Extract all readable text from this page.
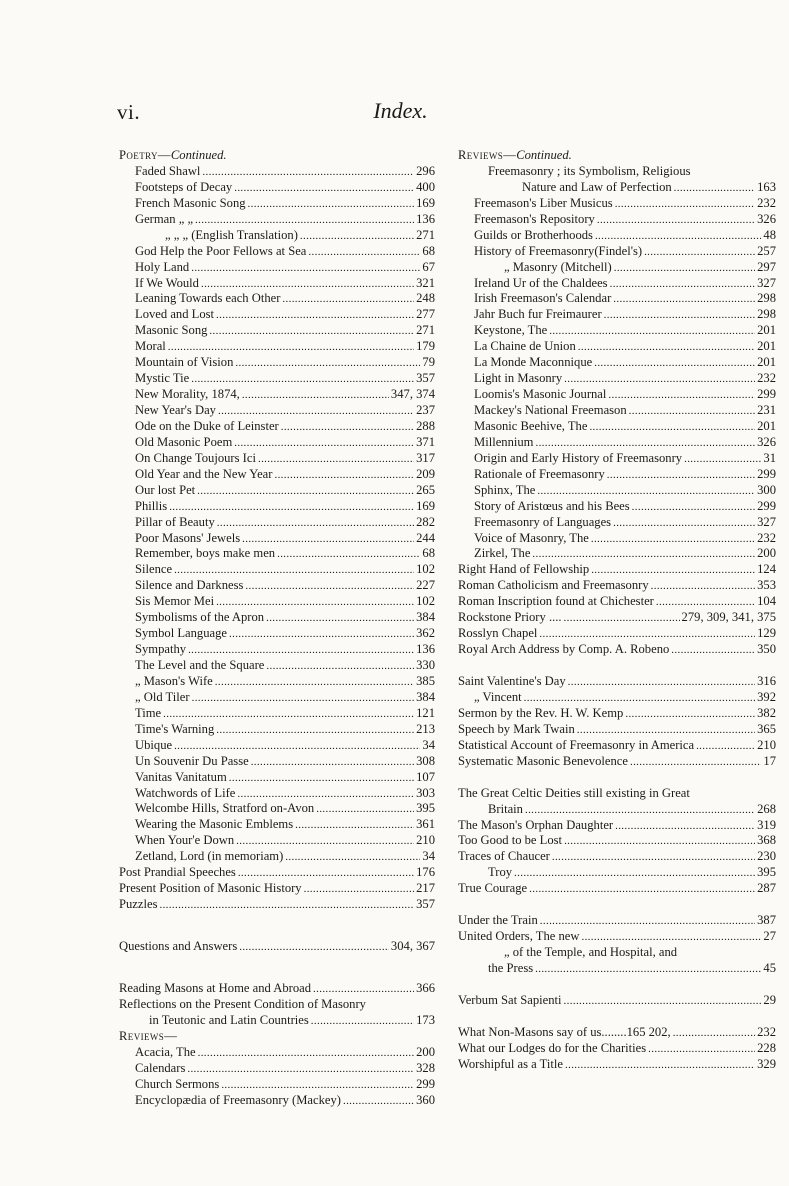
vi.	Index.
Poetry—Continued.
Faded Shawl . . .	296
Footsteps of Decay . . .	400
French Masonic Song . . .	169
German „ „ . . .	136
„ „ „ (English Translation) . . .	271
God Help the Poor Fellows at Sea . . .	68
Holy Land . . .	67
If We Would . . .	321
Leaning Towards each Other . . .	248
Loved and Lost . . .	277
Masonic Song . . .	271
Moral . . .	179
Mountain of Vision . . .	79
Mystic Tie . . .	357
New Morality, 1874, . . .	347, 374
New Year's Day . . .	237
Ode on the Duke of Leinster . . .	288
Old Masonic Poem . . .	371
On Change Toujours Ici . . .	317
Old Year and the New Year . . .	209
Our lost Pet . . .	265
Phillis . . .	169
Pillar of Beauty . . .	282
Poor Masons' Jewels . . .	244
Remember, boys make men . . .	68
Silence . . .	102
Silence and Darkness . . .	227
Sis Memor Mei . . .	102
Symbolisms of the Apron . . .	384
Symbol Language . . .	362
Sympathy . . .	136
The Level and the Square . . .	330
„ Mason's Wife . . .	385
„ Old Tiler . . .	384
Time . . .	121
Time's Warning . . .	213
Ubique . . .	34
Un Souvenir Du Passe . . .	308
Vanitas Vanitatum . . .	107
Watchwords of Life . . .	303
Welcombe Hills, Stratford on-Avon . . .	395
Wearing the Masonic Emblems . . .	361
When Your'e Down . . .	210
Zetland, Lord (in memoriam) . . .	34
Post Prandial Speeches . . .	176
Present Position of Masonic History . . .	217
Puzzles . . .	357
Questions and Answers . . .	304, 367
Reading Masons at Home and Abroad . . .	366
Reflections on the Present Condition of Masonry
in Teutonic and Latin Countries . . .	173
Reviews—
Acacia, The . . .	200
Calendars . . .	328
Church Sermons . . .	299
Encyclopædia of Freemasonry (Mackey) . . .	360
Reviews—Continued.
Freemasonry ; its Symbolism, Religious
Nature and Law of Perfection . . .	163
Freemason's Liber Musicus . . .	232
Freemason's Repository . . .	326
Guilds or Brotherhoods . . .	48
History of Freemasonry(Findel's) . . .	257
„ Masonry (Mitchell) . . .	297
Ireland Ur of the Chaldees . . .	327
Irish Freemason's Calendar . . .	298
Jahr Buch fur Freimaurer . . .	298
Keystone, The . . .	201
La Chaine de Union . . .	201
La Monde Maconnique . . .	201
Light in Masonry . . .	232
Loomis's Masonic Journal . . .	299
Mackey's National Freemason . . .	231
Masonic Beehive, The . . .	201
Millennium . . .	326
Origin and Early History of Freemasonry . . .	31
Rationale of Freemasonry . . .	299
Sphinx, The . . .	300
Story of Aristœus and his Bees . . .	299
Freemasonry of Languages . . .	327
Voice of Masonry, The . . .	232
Zirkel, The . . .	200
Right Hand of Fellowship . . .	124
Roman Catholicism and Freemasonry . . .	353
Roman Inscription found at Chichester . . .	104
Rockstone Priory .... . . .	279, 309, 341, 375
Rosslyn Chapel . . .	129
Royal Arch Address by Comp. A. Robeno . . .	350
Saint Valentine's Day . . .	316
„ Vincent . . .	392
Sermon by the Rev. H. W. Kemp . . .	382
Speech by Mark Twain . . .	365
Statistical Account of Freemasonry in America . . .	210
Systematic Masonic Benevolence . . .	17
The Great Celtic Deities still existing in Great
Britain . . .	268
The Mason's Orphan Daughter . . .	319
Too Good to be Lost . . .	368
Traces of Chaucer . . .	230
Troy . . .	395
True Courage . . .	287
Under the Train . . .	387
United Orders, The new . . .	27
„ of the Temple, and Hospital, and
the Press . . .	45
Verbum Sat Sapienti . . .	29
What Non-Masons say of us........165 202, . . .	232
What our Lodges do for the Charities . . .	228
Worshipful as a Title . . .	329
